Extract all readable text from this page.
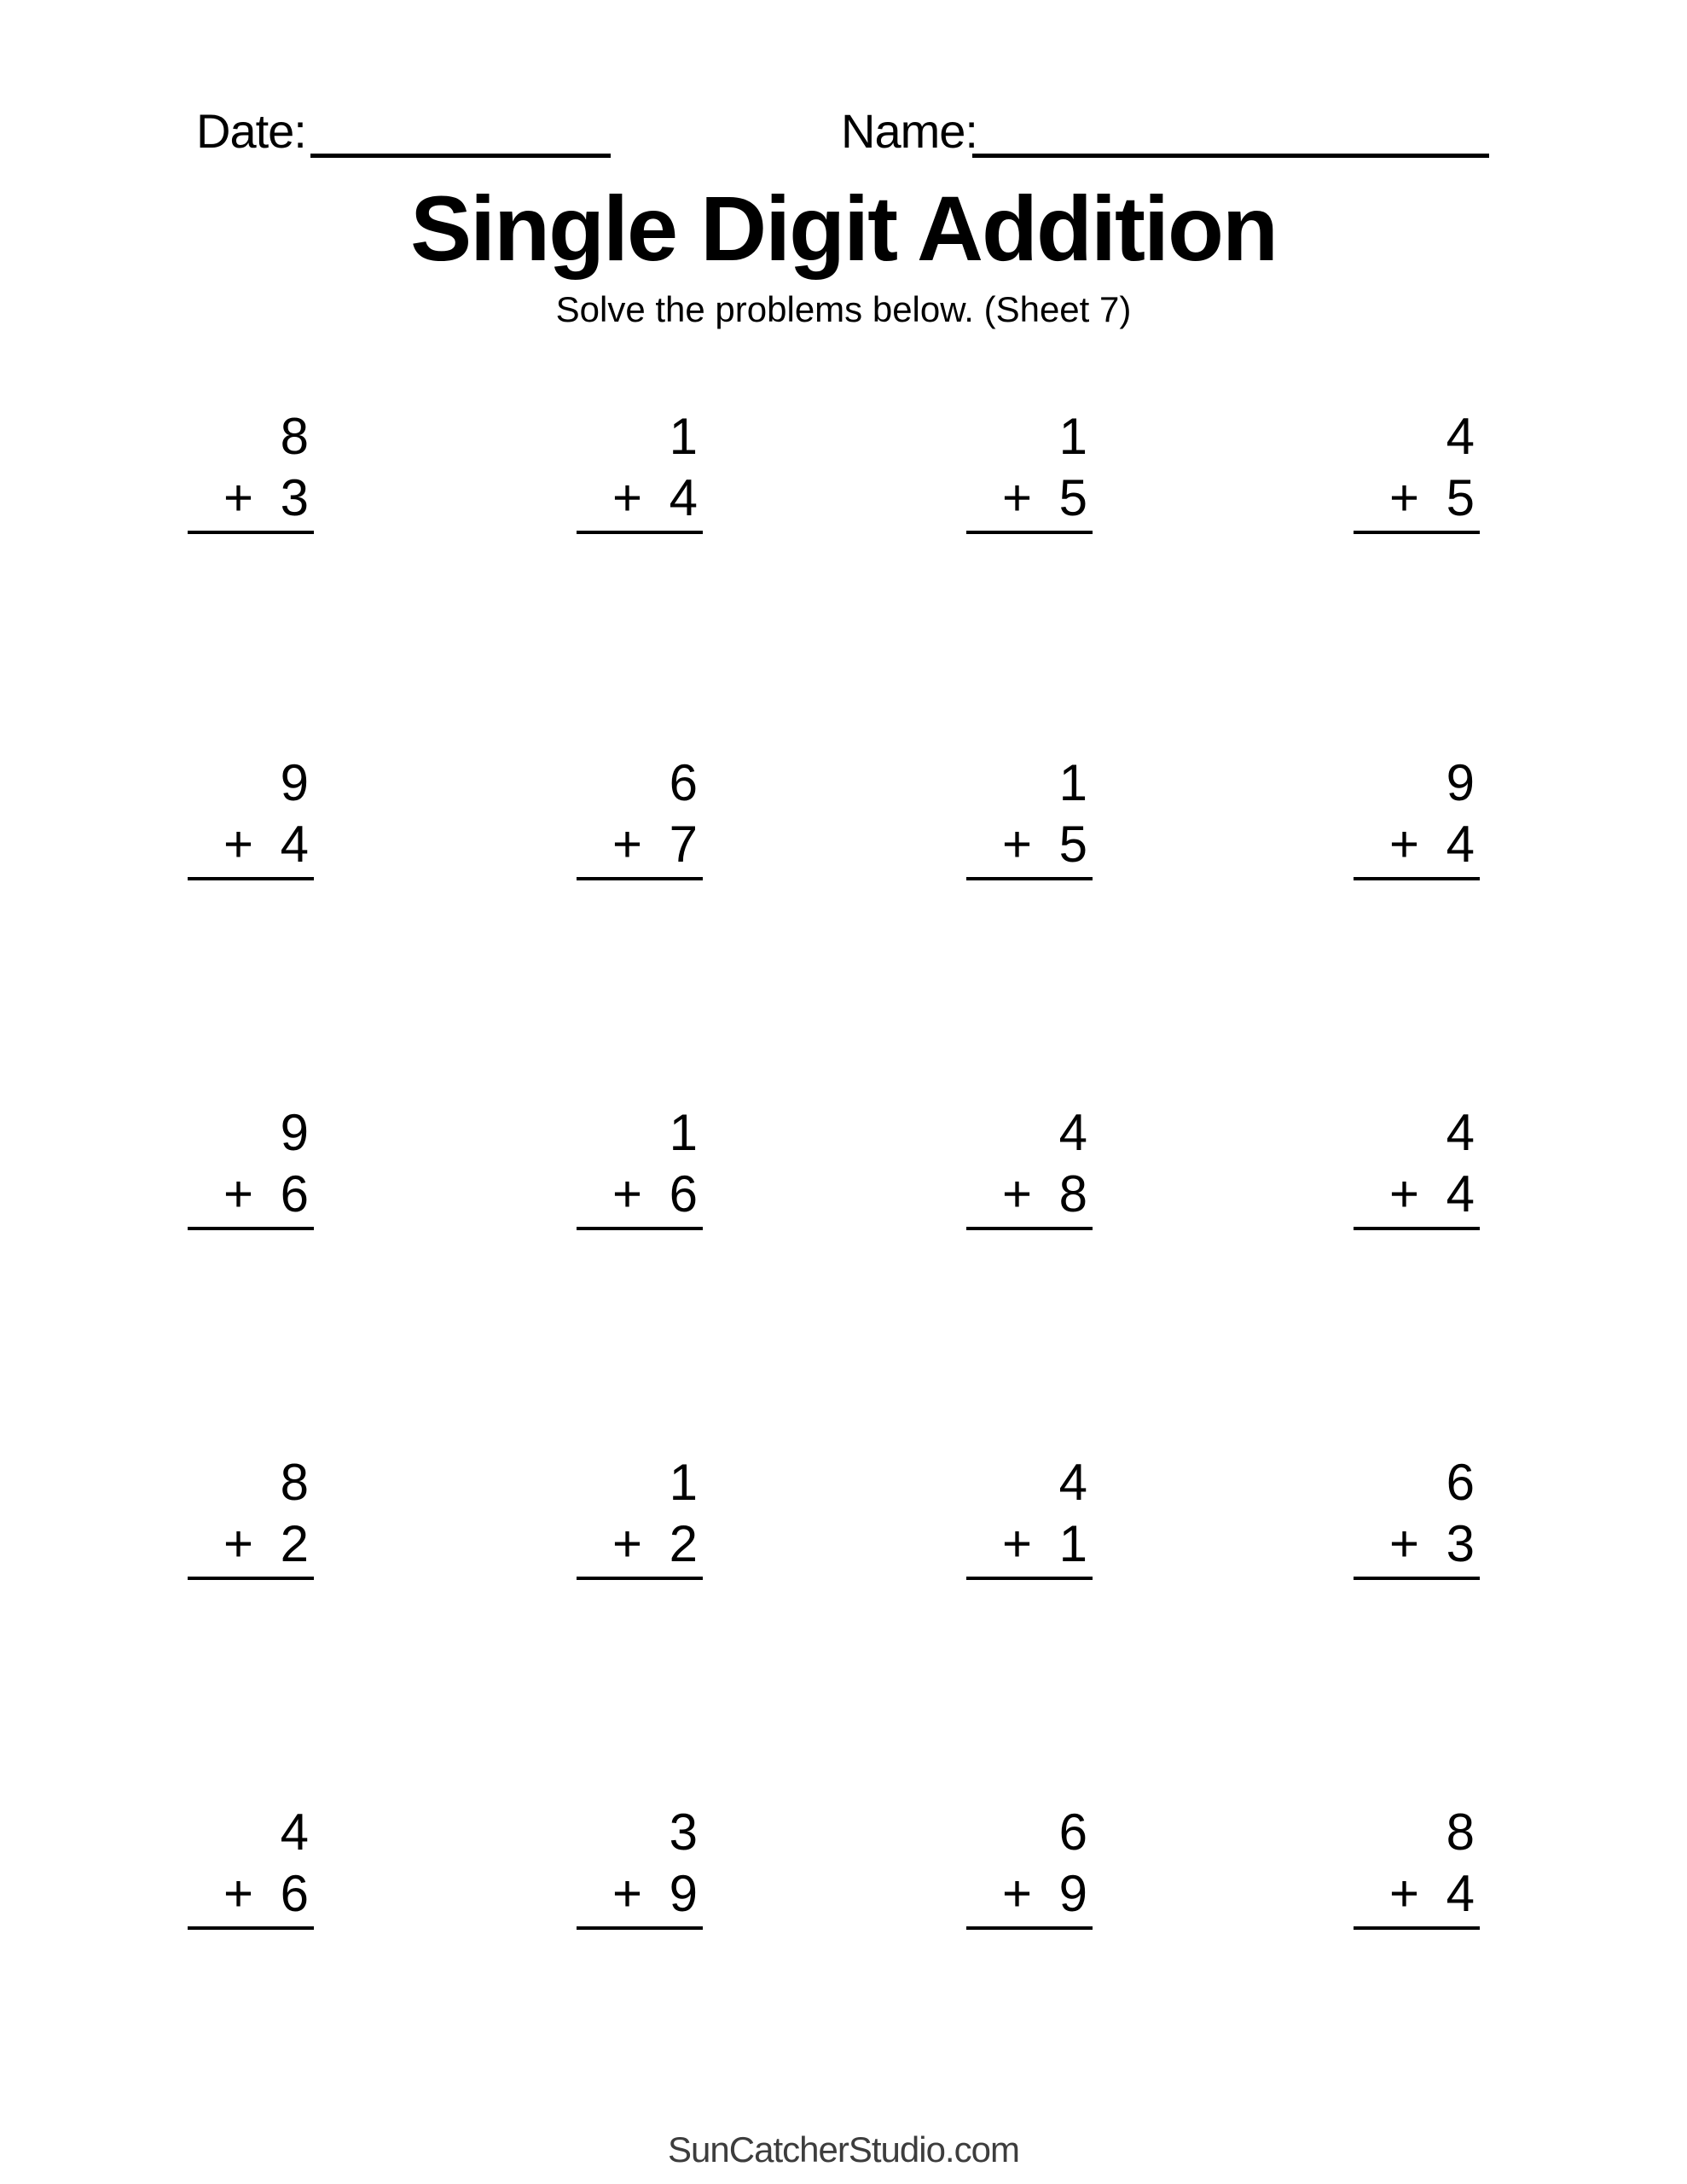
Date:	Name:
Single Digit Addition
Solve the problems below. (Sheet 7)
8
+ 3
1
+ 4
1
+ 5
4
+ 5
9
+ 4
6
+ 7
1
+ 5
9
+ 4
9
+ 6
1
+ 6
4
+ 8
4
+ 4
8
+ 2
1
+ 2
4
+ 1
6
+ 3
4
+ 6
3
+ 9
6
+ 9
8
+ 4
SunCatcherStudio.com
